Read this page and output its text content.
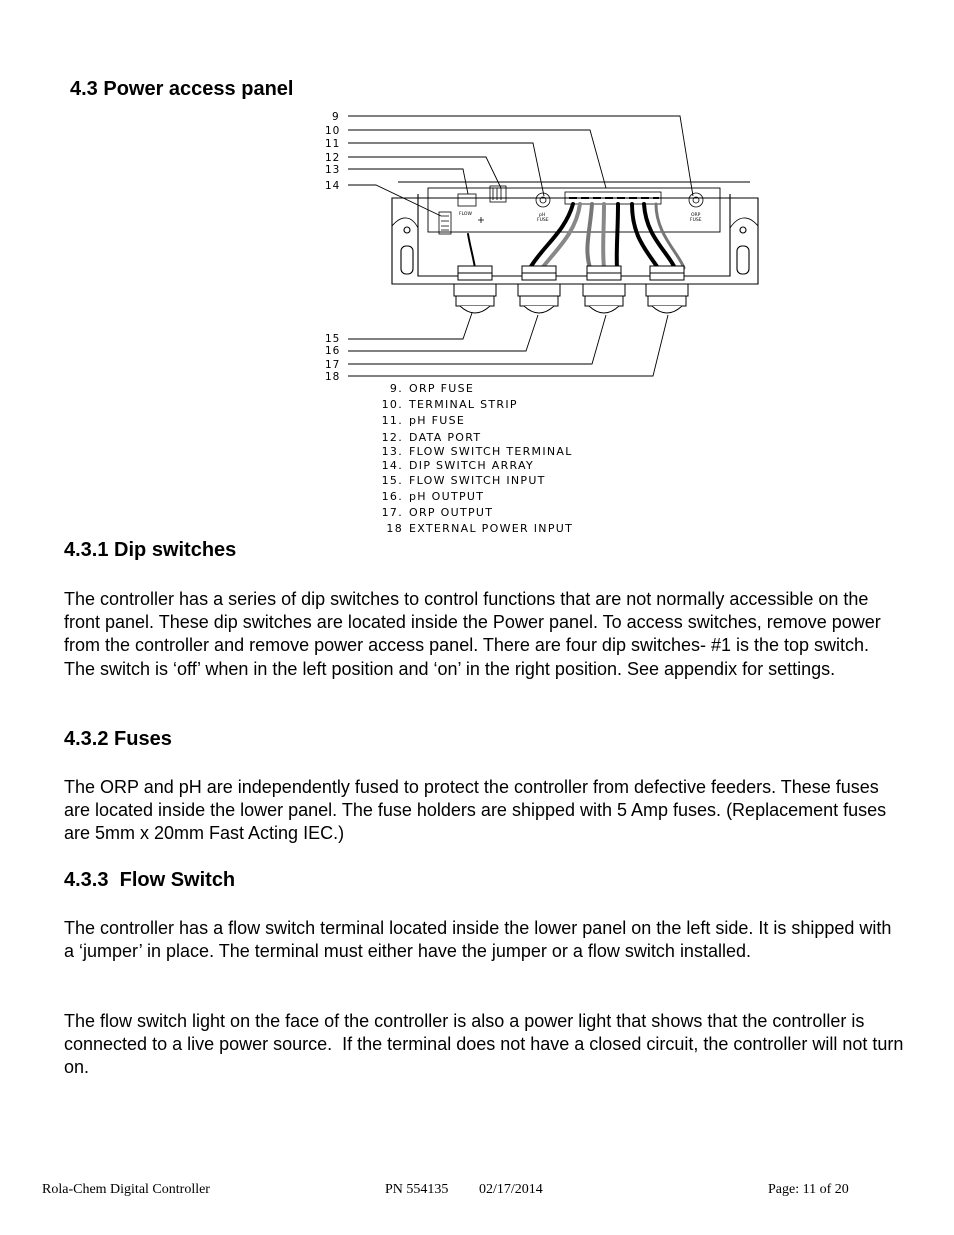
4.3 Power access panel
9
10
11
12
13
14
15
16
17
18
FLOW	pH
FUSE
ORP
FUSE
9. ORP FUSE
10. TERMINAL STRIP
11. pH FUSE
12. DATA PORT
13. FLOW SWITCH TERMINAL
14. DIP SWITCH ARRAY
15. FLOW SWITCH INPUT
16. pH OUTPUT
17. ORP OUTPUT
18 EXTERNAL POWER INPUT
4.3.1 Dip switches

The controller has a series of dip switches to control functions that are not normally accessible on the front panel. These dip switches are located inside the Power panel. To access switches, remove power from the controller and remove power access panel. There are four dip switches- #1 is the top switch. The switch is ‘off’ when in the left position and ‘on’ in the right position. See appendix for settings.

4.3.2 Fuses

The ORP and pH are independently fused to protect the controller from defective feeders. These fuses are located inside the lower panel. The fuse holders are shipped with 5 Amp fuses. (Replacement fuses are 5mm x 20mm Fast Acting IEC.)

4.3.3  Flow Switch

The controller has a flow switch terminal located inside the lower panel on the left side. It is shipped with a ‘jumper’ in place. The terminal must either have the jumper or a flow switch installed.

The flow switch light on the face of the controller is also a power light that shows that the controller is connected to a live power source.  If the terminal does not have a closed circuit, the controller will not turn on.

Rola-Chem Digital Controller	PN 554135 02/17/2014	Page: 11 of 20
